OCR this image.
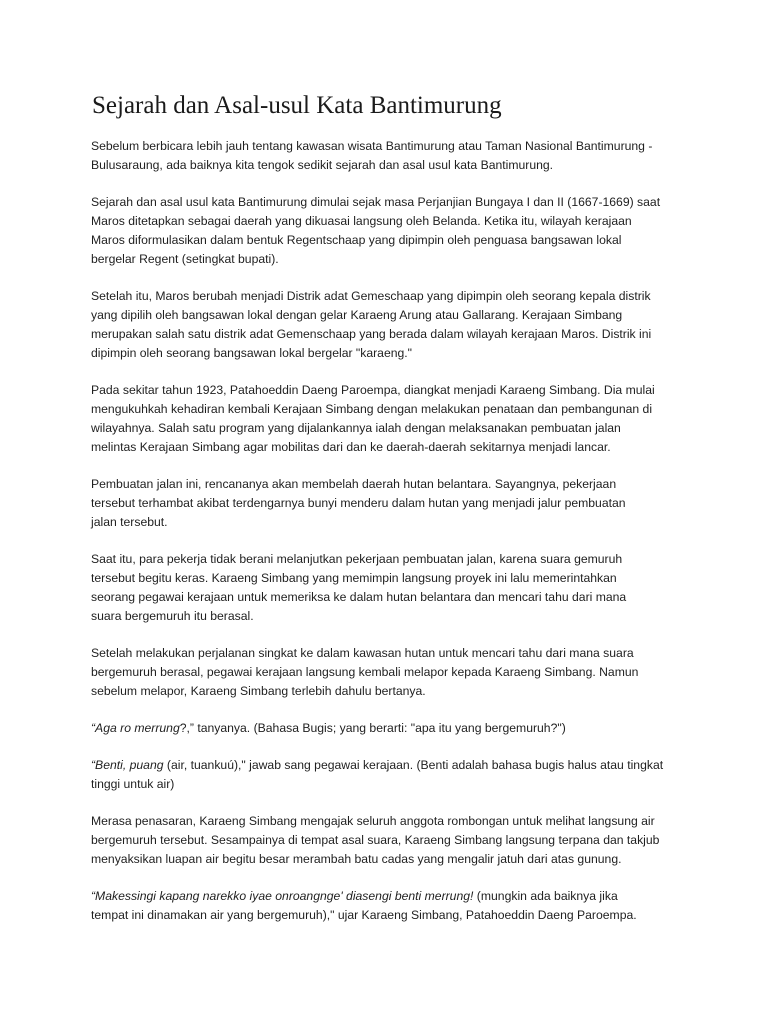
Sejarah dan Asal-usul Kata Bantimurung

Sebelum berbicara lebih jauh tentang kawasan wisata Bantimurung atau Taman Nasional Bantimurung -
Bulusaraung, ada baiknya kita tengok sedikit sejarah dan asal usul kata Bantimurung.

Sejarah dan asal usul kata Bantimurung dimulai sejak masa Perjanjian Bungaya I dan II (1667-1669) saat
Maros ditetapkan sebagai daerah yang dikuasai langsung oleh Belanda. Ketika itu, wilayah kerajaan
Maros diformulasikan dalam bentuk Regentschaap yang dipimpin oleh penguasa bangsawan lokal
bergelar Regent (setingkat bupati).

Setelah itu, Maros berubah menjadi Distrik adat Gemeschaap yang dipimpin oleh seorang kepala distrik
yang dipilih oleh bangsawan lokal dengan gelar Karaeng Arung atau Gallarang. Kerajaan Simbang
merupakan salah satu distrik adat Gemenschaap yang berada dalam wilayah kerajaan Maros. Distrik ini
dipimpin oleh seorang bangsawan lokal bergelar "karaeng."

Pada sekitar tahun 1923, Patahoeddin Daeng Paroempa, diangkat menjadi Karaeng Simbang. Dia mulai
mengukuhkah kehadiran kembali Kerajaan Simbang dengan melakukan penataan dan pembangunan di
wilayahnya. Salah satu program yang dijalankannya ialah dengan melaksanakan pembuatan jalan
melintas Kerajaan Simbang agar mobilitas dari dan ke daerah-daerah sekitarnya menjadi lancar.

Pembuatan jalan ini, rencananya akan membelah daerah hutan belantara. Sayangnya, pekerjaan
tersebut terhambat akibat terdengarnya bunyi menderu dalam hutan yang menjadi jalur pembuatan
jalan tersebut.

Saat itu, para pekerja tidak berani melanjutkan pekerjaan pembuatan jalan, karena suara gemuruh
tersebut begitu keras. Karaeng Simbang yang memimpin langsung proyek ini lalu memerintahkan
seorang pegawai kerajaan untuk memeriksa ke dalam hutan belantara dan mencari tahu dari mana
suara bergemuruh itu berasal.

Setelah melakukan perjalanan singkat ke dalam kawasan hutan untuk mencari tahu dari mana suara
bergemuruh berasal, pegawai kerajaan langsung kembali melapor kepada Karaeng Simbang. Namun
sebelum melapor, Karaeng Simbang terlebih dahulu bertanya.

“Aga ro merrung?,” tanyanya. (Bahasa Bugis; yang berarti: "apa itu yang bergemuruh?")

“Benti, puang (air, tuankuú)," jawab sang pegawai kerajaan. (Benti adalah bahasa bugis halus atau tingkat
tinggi untuk air)

Merasa penasaran, Karaeng Simbang mengajak seluruh anggota rombongan untuk melihat langsung air
bergemuruh tersebut. Sesampainya di tempat asal suara, Karaeng Simbang langsung terpana dan takjub
menyaksikan luapan air begitu besar merambah batu cadas yang mengalir jatuh dari atas gunung.

“Makessingi kapang narekko iyae onroangnge' diasengi benti merrung! (mungkin ada baiknya jika
tempat ini dinamakan air yang bergemuruh)," ujar Karaeng Simbang, Patahoeddin Daeng Paroempa.
